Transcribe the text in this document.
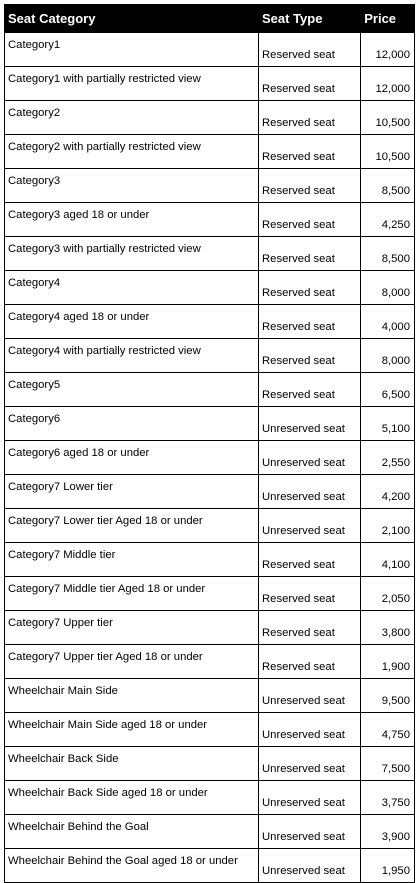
Seat Category	Seat Type	Price
Category1	Reserved seat	12,000
Category1 with partially restricted view	Reserved seat	12,000
Category2	Reserved seat	10,500
Category2 with partially restricted view	Reserved seat	10,500
Category3	Reserved seat	8,500
Category3 aged 18 or under	Reserved seat	4,250
Category3 with partially restricted view	Reserved seat	8,500
Category4	Reserved seat	8,000
Category4 aged 18 or under	Reserved seat	4,000
Category4 with partially restricted view	Reserved seat	8,000
Category5	Reserved seat	6,500
Category6	Unreserved seat	5,100
Category6 aged 18 or under	Unreserved seat	2,550
Category7 Lower tier	Unreserved seat	4,200
Category7 Lower tier Aged 18 or under	Unreserved seat	2,100
Category7 Middle tier	Reserved seat	4,100
Category7 Middle tier Aged 18 or under	Reserved seat	2,050
Category7 Upper tier	Reserved seat	3,800
Category7 Upper tier Aged 18 or under	Reserved seat	1,900
Wheelchair Main Side	Unreserved seat	9,500
Wheelchair Main Side aged 18 or under	Unreserved seat	4,750
Wheelchair Back Side	Unreserved seat	7,500
Wheelchair Back Side aged 18 or under	Unreserved seat	3,750
Wheelchair Behind the Goal	Unreserved seat	3,900
Wheelchair Behind the Goal aged 18 or under	Unreserved seat	1,950
